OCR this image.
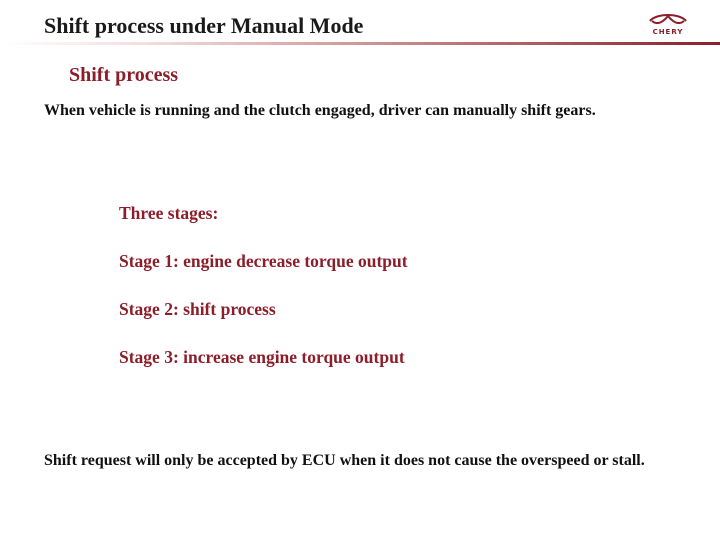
Shift process under Manual Mode	CHERY
Shift process

When vehicle is running and the clutch engaged, driver can manually shift gears.

Three stages:
Stage 1: engine decrease torque output
Stage 2: shift process
Stage 3: increase engine torque output

Shift request will only be accepted by ECU when it does not cause the overspeed or stall.
